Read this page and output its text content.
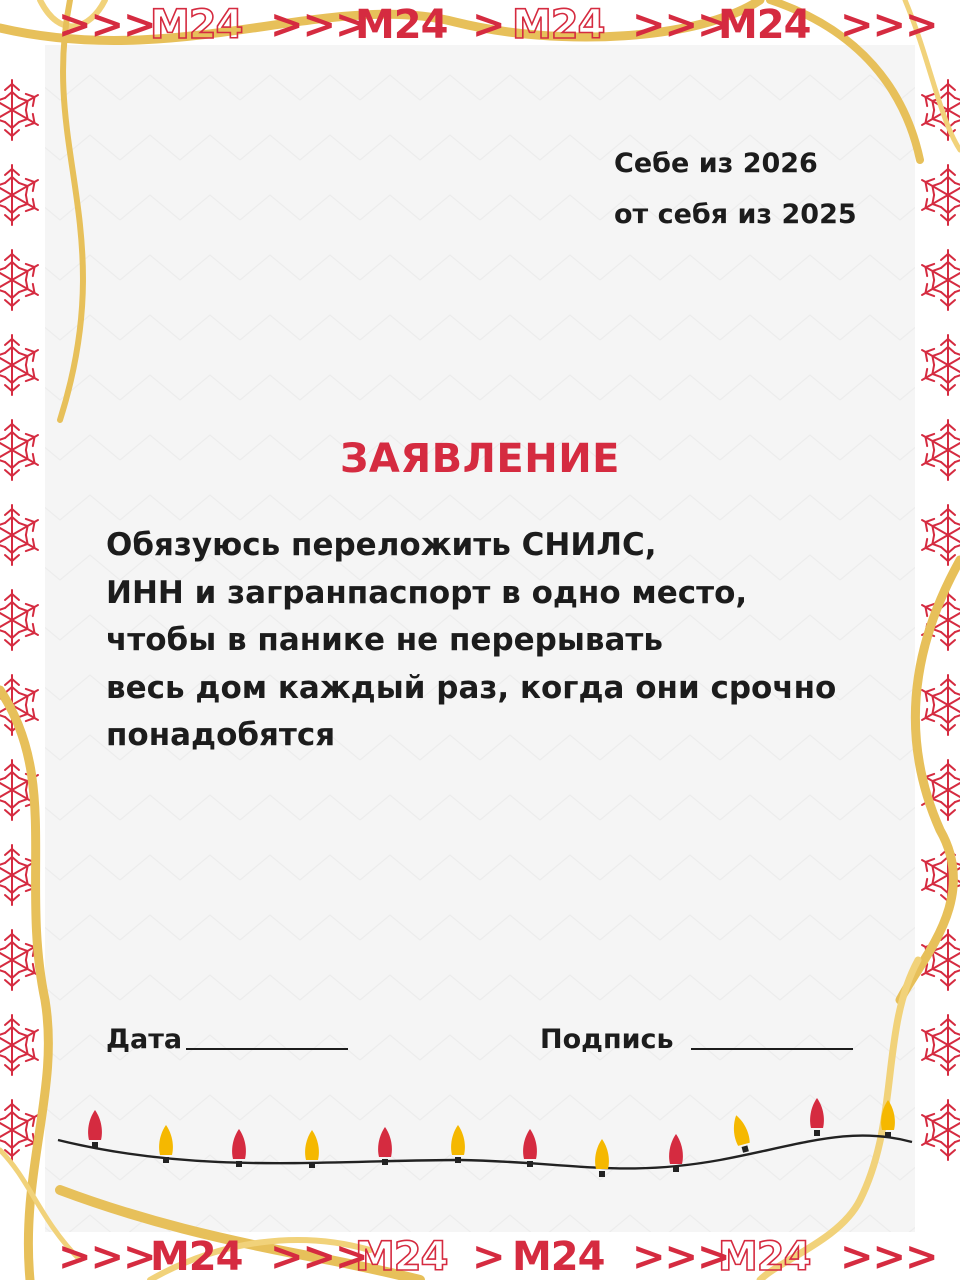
>>>
М24 >>>
М24 > М24 >>>
М24 >>>
>>>
М24 >>>
М24 > М24 >>>
М24 >>>
Себе из 2026
от себя из 2025
ЗАЯВЛЕНИЕ
Обязуюсь переложить СНИЛС,
ИНН и загранпаспорт в одно место,
чтобы в панике не перерывать
весь дом каждый раз, когда они срочно
понадобятся
Дата	Подпись
